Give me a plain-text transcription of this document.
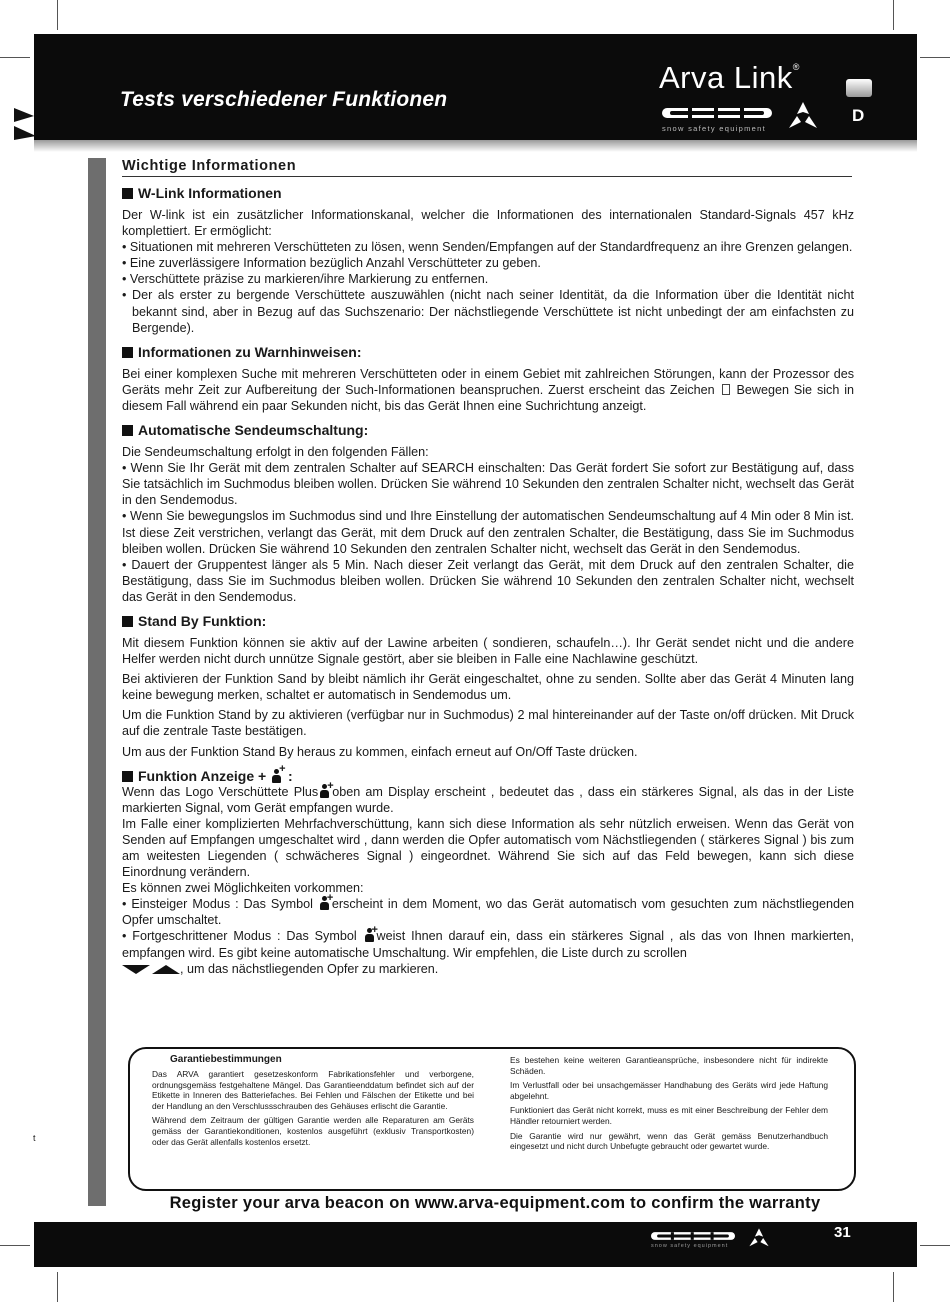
Tests verschiedener Funktionen
Arva Link®
snow safety equipment
D
Wichtige Informationen
W-Link Informationen

Der W-link ist ein zusätzlicher Informationskanal, welcher die Informationen des internationalen Standard-Signals 457 kHz komplettiert. Er ermöglicht:

• Situationen mit mehreren Verschütteten zu lösen, wenn Senden/Empfangen auf der Standardfrequenz an ihre Grenzen gelangen.

• Eine zuverlässigere Information bezüglich Anzahl Verschütteter zu geben.

• Verschüttete präzise zu markieren/ihre Markierung zu entfernen.

• Der als erster zu bergende Verschüttete auszuwählen (nicht nach seiner Identität, da die Information über die Identität nicht bekannt sind, aber in Bezug auf das Suchszenario: Der nächstliegende Verschüttete ist nicht unbedingt der am einfachsten zu Bergende).

Informationen zu Warnhinweisen:

Bei einer komplexen Suche mit mehreren Verschütteten oder in einem Gebiet mit zahlreichen Störungen, kann der Prozessor des Geräts mehr Zeit zur Aufbereitung der Such-Informationen beanspruchen. Zuerst erscheint das Zeichen Bewegen Sie sich in diesem Fall während ein paar Sekunden nicht, bis das Gerät Ihnen eine Suchrichtung anzeigt.

Automatische Sendeumschaltung:

Die Sendeumschaltung erfolgt in den folgenden Fällen:

• Wenn Sie Ihr Gerät mit dem zentralen Schalter auf SEARCH einschalten: Das Gerät fordert Sie sofort zur Bestätigung auf, dass Sie tatsächlich im Suchmodus bleiben wollen. Drücken Sie während 10 Sekunden den zentralen Schalter nicht, wechselt das Gerät in den Sendemodus.

• Wenn Sie bewegungslos im Suchmodus sind und Ihre Einstellung der automatischen Sendeumschaltung auf 4 Min oder 8 Min ist. Ist diese Zeit verstrichen, verlangt das Gerät, mit dem Druck auf den zentralen Schalter, die Bestätigung, dass Sie im Suchmodus bleiben wollen. Drücken Sie während 10 Sekunden den zentralen Schalter nicht, wechselt das Gerät in den Sendemodus.

• Dauert der Gruppentest länger als 5 Min. Nach dieser Zeit verlangt das Gerät, mit dem Druck auf den zentralen Schalter, die Bestätigung, dass Sie im Suchmodus bleiben wollen. Drücken Sie während 10 Sekunden den zentralen Schalter nicht, wechselt das Gerät in den Sendemodus.

Stand By Funktion:

Mit diesem Funktion können sie aktiv auf der Lawine arbeiten ( sondieren, schaufeln…). Ihr Gerät sendet nicht und die andere Helfer werden nicht durch unnütze Signale gestört, aber sie bleiben in Falle eine Nachlawine geschützt.

Bei aktivieren der Funktion Sand by bleibt nämlich ihr Gerät eingeschaltet, ohne zu senden. Sollte aber das Gerät 4 Minuten lang keine bewegung merken, schaltet er automatisch in Sendemodus um.

Um die Funktion Stand by zu aktivieren (verfügbar nur in Suchmodus) 2 mal hintereinander auf der Taste on/off drücken. Mit Druck auf die zentrale Taste bestätigen.

Um aus der Funktion Stand By heraus zu kommen, einfach erneut auf On/Off Taste drücken.

Funktion Anzeige + + :

Wenn das Logo Verschüttete Plus +
oben am Display erscheint , bedeutet das , dass ein stärkeres Signal, als das in der Liste markierten Signal, vom Gerät empfangen wurde.

Im Falle einer komplizierten Mehrfachverschüttung, kann sich diese Information als sehr nützlich erweisen. Wenn das Gerät von Senden auf Empfangen umgeschaltet wird , dann werden die Opfer automatisch vom Nächstliegenden ( stärkeres Signal ) bis zum am weitesten Liegenden ( schwächeres Signal ) eingeordnet. Während Sie sich auf das Feld bewegen, kann sich diese Einordnung verändern.

Es können zwei Möglichkeiten vorkommen:

• Einsteiger Modus : Das Symbol +
erscheint in dem Moment, wo das Gerät automatisch vom gesuchten zum nächstliegenden Opfer umschaltet.

• Fortgeschrittener Modus : Das Symbol +
weist Ihnen darauf ein, dass ein stärkeres Signal , als das von Ihnen markierten, empfangen wird. Es gibt keine automatische Umschaltung. Wir empfehlen, die Liste durch zu scrollen
, um das nächstliegenden Opfer zu markieren.

Garantiebestimmungen

Das ARVA garantiert gesetzeskonform Fabrikationsfehler und verborgene, ordnungsgemäss festgehaltene Mängel. Das Garantieenddatum befindet sich auf der Etikette in Inneren des Batteriefaches. Bei Fehlen und Fälschen der Etikette und bei der Handlung an den Verschlussschrauben des Gehäuses erlischt die Garantie.

Während dem Zeitraum der gültigen Garantie werden alle Reparaturen am Geräts gemäss der Garantiekonditionen, kostenlos ausgeführt (exklusiv Transportkosten) oder das Gerät allenfalls kostenlos ersetzt.

Es bestehen keine weiteren Garantieansprüche, insbesondere nicht für indirekte Schäden.

Im Verlustfall oder bei unsachgemässer Handhabung des Geräts wird jede Haftung abgelehnt.

Funktioniert das Gerät nicht korrekt, muss es mit einer Beschreibung der Fehler dem Händler retourniert werden.

Die Garantie wird nur gewährt, wenn das Gerät gemäss Benutzerhandbuch eingesetzt und nicht durch Unbefugte gebraucht oder gewartet wurde.

t
Register your arva beacon on www.arva-equipment.com to confirm the warranty
snow safety equipment
31
